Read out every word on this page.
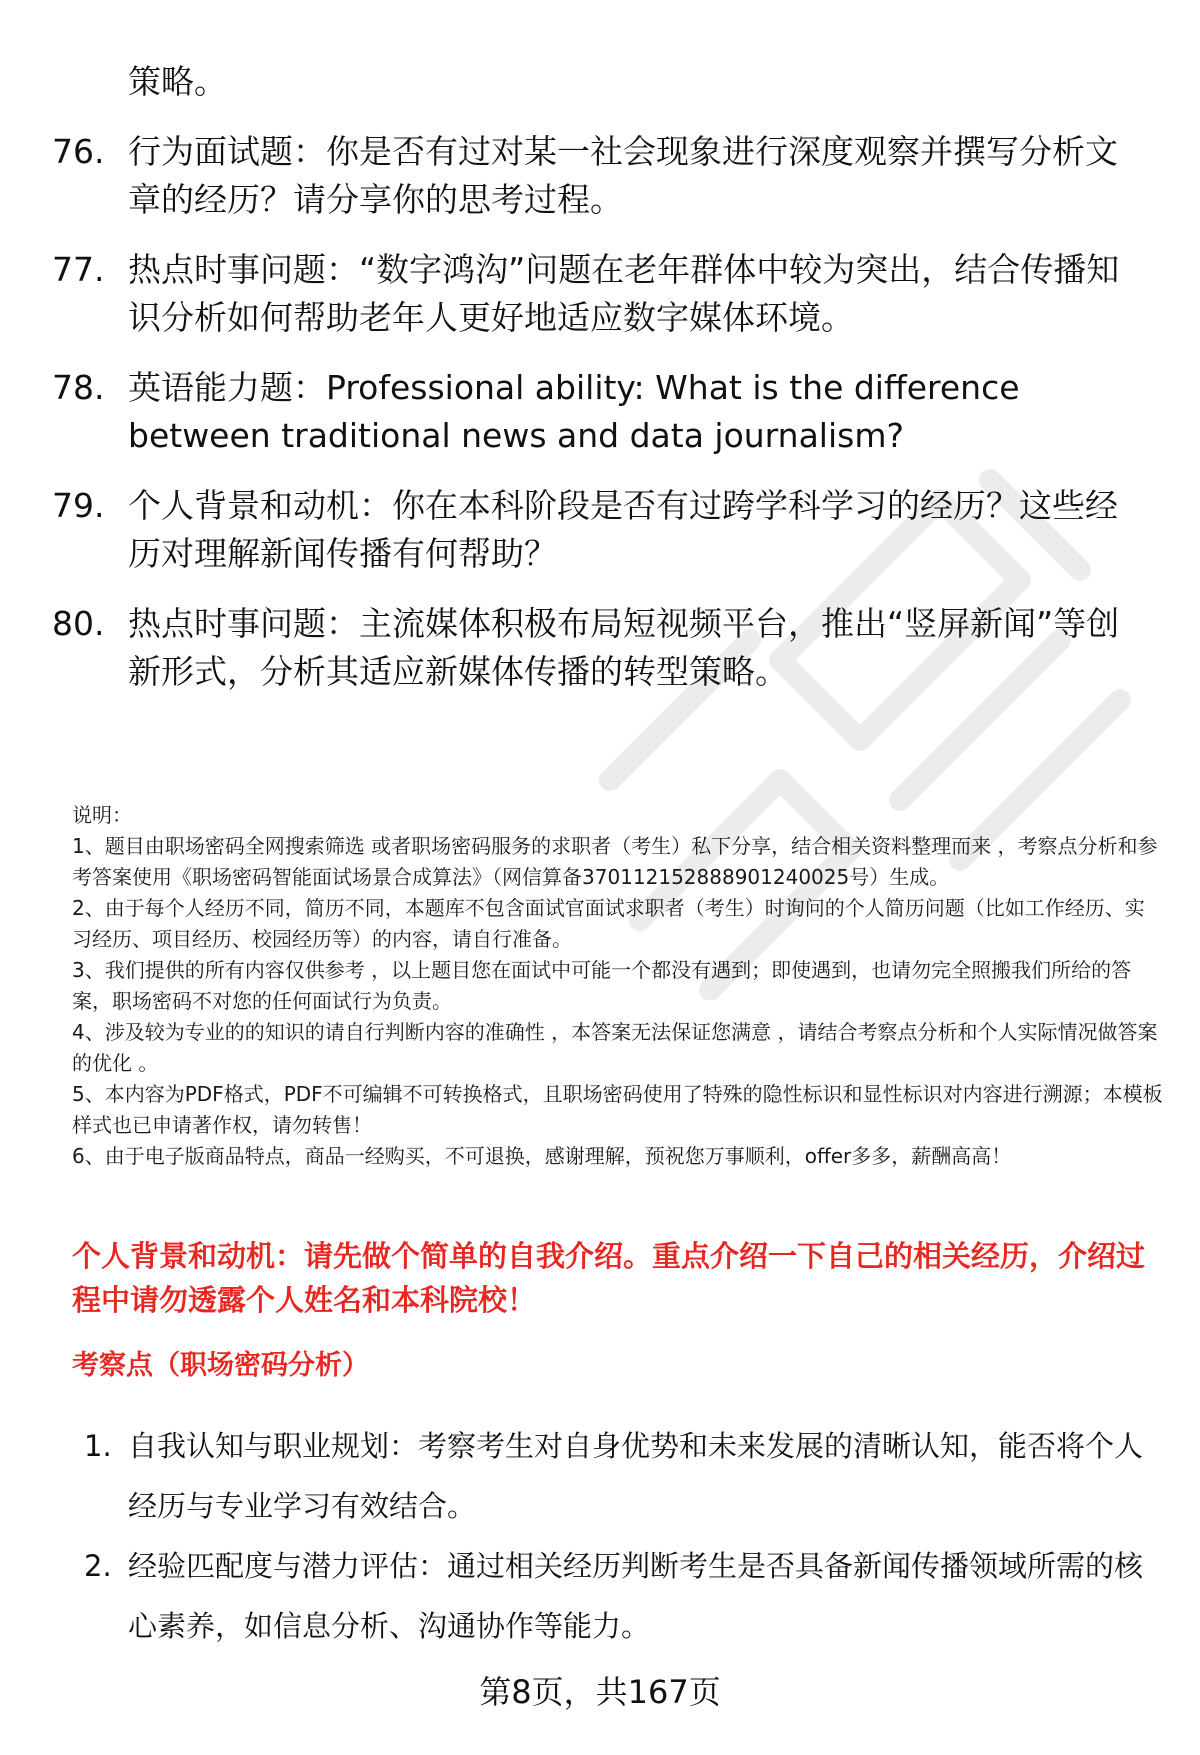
策略。
76. 行为面试题：你是否有过对某一社会现象进行深度观察并撰写分析文章的经历？请分享你的思考过程。
77. 热点时事问题：“数字鸿沟”问题在老年群体中较为突出，结合传播知识分析如何帮助老年人更好地适应数字媒体环境。
78. 英语能力题：Professional ability: What is the difference between traditional news and data journalism?
79. 个人背景和动机：你在本科阶段是否有过跨学科学习的经历？这些经历对理解新闻传播有何帮助？
80. 热点时事问题：主流媒体积极布局短视频平台，推出“竖屏新闻”等创新形式，分析其适应新媒体传播的转型策略。
说明：
1、题目由职场密码全网搜索筛选 或者职场密码服务的求职者（考生）私下分享，结合相关资料整理而来 ，考察点分析和参考答案使用《职场密码智能面试场景合成算法》（网信算备370112152888901240025号）生成。
2、由于每个人经历不同，简历不同，本题库不包含面试官面试求职者（考生）时询问的个人简历问题（比如工作经历、实习经历、项目经历、校园经历等）的内容，请自行准备。
3、我们提供的所有内容仅供参考 ，以上题目您在面试中可能一个都没有遇到；即使遇到，也请勿完全照搬我们所给的答案，职场密码不对您的任何面试行为负责。
4、涉及较为专业的的知识的请自行判断内容的准确性 ，本答案无法保证您满意 ，请结合考察点分析和个人实际情况做答案的优化 。
5、本内容为PDF格式，PDF不可编辑不可转换格式，且职场密码使用了特殊的隐性标识和显性标识对内容进行溯源；本模板样式也已申请著作权，请勿转售！
6、由于电子版商品特点，商品一经购买，不可退换，感谢理解，预祝您万事顺利，offer多多，薪酬高高！
个人背景和动机：请先做个简单的自我介绍。重点介绍一下自己的相关经历，介绍过程中请勿透露个人姓名和本科院校！
考察点（职场密码分析）
1. 自我认知与职业规划：考察考生对自身优势和未来发展的清晰认知，能否将个人经历与专业学习有效结合。
2. 经验匹配度与潜力评估：通过相关经历判断考生是否具备新闻传播领域所需的核心素养，如信息分析、沟通协作等能力。
第8页，共167页
